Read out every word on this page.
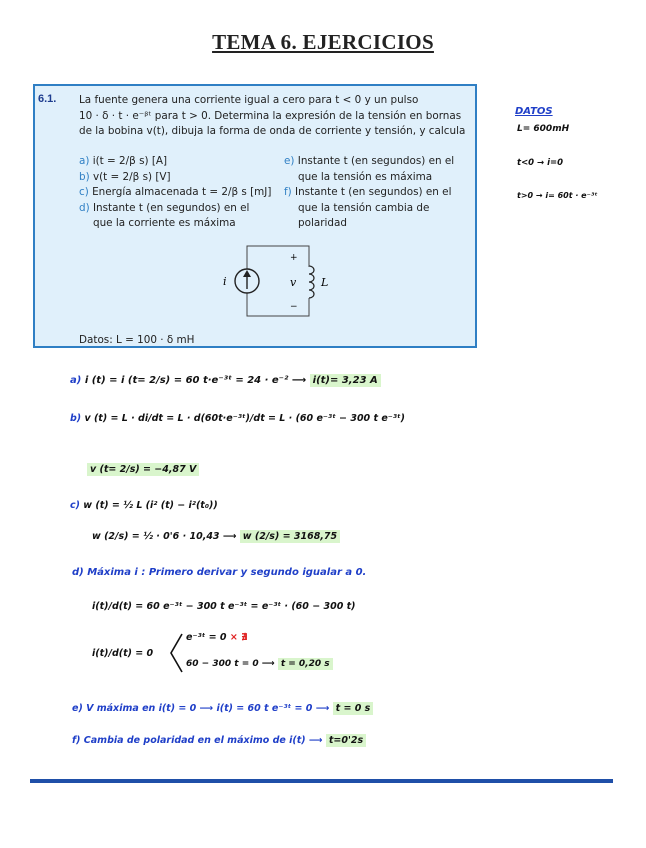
TEMA 6. EJERCICIOS
6.1. La fuente genera una corriente igual a cero para t < 0 y un pulso
10 · δ · t · e⁻ᵝᵗ para t > 0. Determina la expresión de la tensión en bornas
de la bobina v(t), dibuja la forma de onda de corriente y tensión, y calcula
a) i(t = 2/β s) [A]
b) v(t = 2/β s) [V]
c) Energía almacenada t = 2/β s [mJ]
d) Instante t (en segundos) en el
que la corriente es máxima
e) Instante t (en segundos) en el
que la tensión es máxima
f) Instante t (en segundos) en el
que la tensión cambia de
polaridad
i	v L
+
−
Datos: L = 100 · δ mH
DATOS
L= 600mH
t<0 → i=0
t>0 → i= 60t · e⁻³ᵗ
a) i (t) = i (t= 2/s) = 60 t·e⁻³ᵗ = 24 · e⁻² ⟶ i(t)= 3,23 A
b) v (t) = L · di/dt = L · d(60t·e⁻³ᵗ)/dt = L · (60 e⁻³ᵗ − 300 t e⁻³ᵗ)
v (t= 2/s) = −4,87 V
c) w (t) = ½ L (i² (t) − i²(t₀))
w (2/s) = ½ · 0'6 · 10,43 ⟶ w (2/s) = 3168,75
d) Máxima i : Primero derivar y segundo igualar a 0.
i(t)/d(t) = 60 e⁻³ᵗ − 300 t e⁻³ᵗ = e⁻³ᵗ · (60 − 300 t)
i(t)/d(t) = 0
e⁻³ᵗ = 0 × ∄
60 − 300 t = 0 ⟶ t = 0,20 s
e) V máxima en i(t) = 0 ⟶ i(t) = 60 t e⁻³ᵗ = 0 ⟶ t = 0 s
f) Cambia de polaridad en el máximo de i(t) ⟶ t=0'2s
